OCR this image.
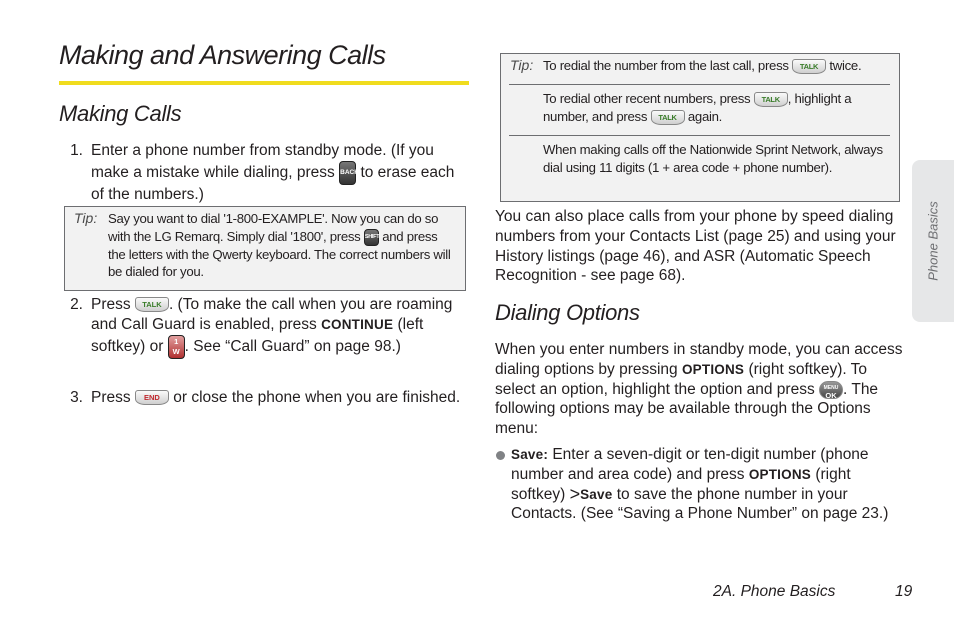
Making and Answering Calls
Making Calls
1. Enter a phone number from standby mode. (If you make a mistake while dialing, press BACK to erase each of the numbers.)
Tip: Say you want to dial '1-800-EXAMPLE'. Now you can do so with the LG Remarq. Simply dial '1800', press SHIFT and press the letters with the Qwerty keyboard. The correct numbers will be dialed for you.
2. Press TALK . (To make the call when you are roaming and Call Guard is enabled, press CONTINUE (left softkey) or 1
W . See “Call Guard” on page 98.)
3. Press END or close the phone when you are finished.
Tip: To redial the number from the last call, press TALK twice.
To redial other recent numbers, press TALK , highlight a number, and press TALK again.
When making calls off the Nationwide Sprint Network, always dial using 11 digits (1 + area code + phone number).
You can also place calls from your phone by speed dialing numbers from your Contacts List (page 25) and using your History listings (page 46), and ASR (Automatic Speech Recognition - see page 68).
Dialing Options
When you enter numbers in standby mode, you can access dialing options by pressing OPTIONS (right softkey). To select an option, highlight the option and press MENU
OK . The following options may be available through the Options menu:
Save: Enter a seven-digit or ten-digit number (phone number and area code) and press OPTIONS (right softkey) >Save to save the phone number in your Contacts. (See “Saving a Phone Number” on page 23.)
Phone Basics
2A. Phone Basics	19
